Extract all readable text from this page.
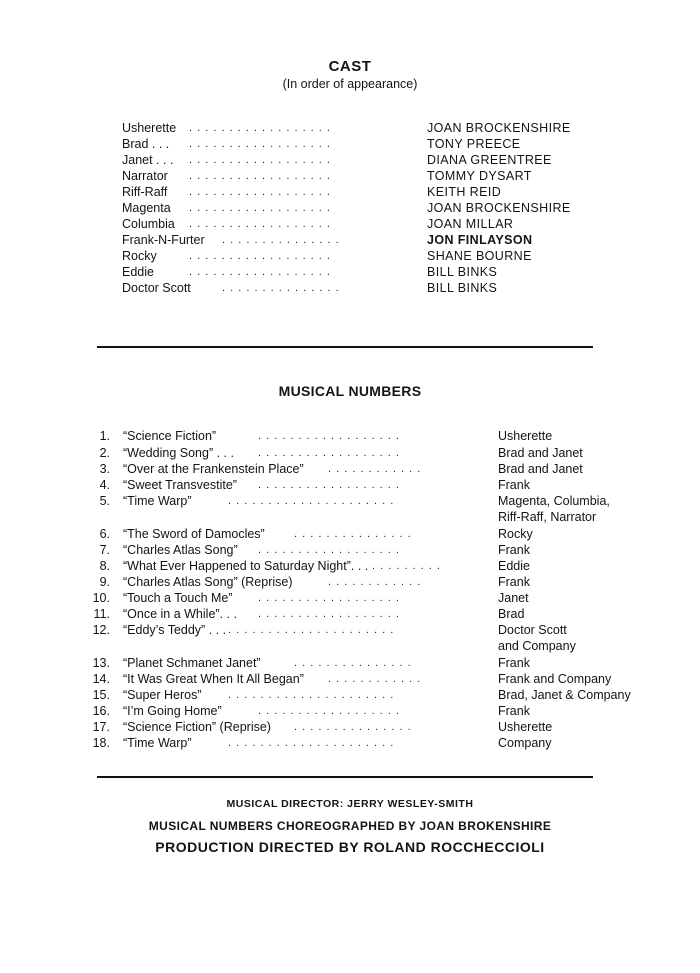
CAST
(In order of appearance)
Usherette . . . . . . . . . . . . . . . . . .	JOAN BROCKENSHIRE
Brad . . . . . . . . . . . . . . . . . . . . .	TONY PREECE
Janet . . . . . . . . . . . . . . . . . . . . .	DIANA GREENTREE
Narrator . . . . . . . . . . . . . . . . . .	TOMMY DYSART
Riff-Raff . . . . . . . . . . . . . . . . . .	KEITH REID
Magenta . . . . . . . . . . . . . . . . . .	JOAN BROCKENSHIRE
Columbia . . . . . . . . . . . . . . . . . .	JOAN MILLAR
Frank-N-Furter . . . . . . . . . . . . . . .	JON FINLAYSON
Rocky	. . . . . . . . . . . . . . . . . .	SHANE BOURNE
Eddie	. . . . . . . . . . . . . . . . . .	BILL BINKS
Doctor Scott	. . . . . . . . . . . . . . .	BILL BINKS
MUSICAL NUMBERS
1. “Science Fiction”	. . . . . . . . . . . . . . . . . .	Usherette
2. “Wedding Song” . . . . . . . . . . . . . . . . . . . . .	Brad and Janet
3. “Over at the Frankenstein Place” . . . . . . . . . . . .	Brad and Janet
4. “Sweet Transvestite” . . . . . . . . . . . . . . . . . .	Frank
5. “Time Warp”	. . . . . . . . . . . . . . . . . . . . .	Magenta, Columbia,
Riff-Raff, Narrator
6. “The Sword of Damocles”	. . . . . . . . . . . . . . .	Rocky
7. “Charles Atlas Song” . . . . . . . . . . . . . . . . . .	Frank
8. “What Ever Happened to Saturday Night”. . . . . . . . . . . .	Eddie
9. “Charles Atlas Song” (Reprise)	. . . . . . . . . . . .	Frank
10. “Touch a Touch Me” . . . . . . . . . . . . . . . . . .	Janet
11. “Once in a While”. . . . . . . . . . . . . . . . . . . . .	Brad
12. “Eddy’s Teddy” . . . . . . . . . . . . . . . . . . . . . . . .	Doctor Scott
and Company
13. “Planet Schmanet Janet”	. . . . . . . . . . . . . . .	Frank
14. “It Was Great When It All Began” . . . . . . . . . . . .	Frank and Company
15. “Super Heros” . . . . . . . . . . . . . . . . . . . . .	Brad, Janet & Company
16. “I’m Going Home”	. . . . . . . . . . . . . . . . . .	Frank
17. “Science Fiction” (Reprise) . . . . . . . . . . . . . . .	Usherette
18. “Time Warp”	. . . . . . . . . . . . . . . . . . . . .	Company
MUSICAL DIRECTOR: JERRY WESLEY-SMITH
MUSICAL NUMBERS CHOREOGRAPHED BY JOAN BROKENSHIRE
PRODUCTION DIRECTED BY ROLAND ROCCHECCIOLI
